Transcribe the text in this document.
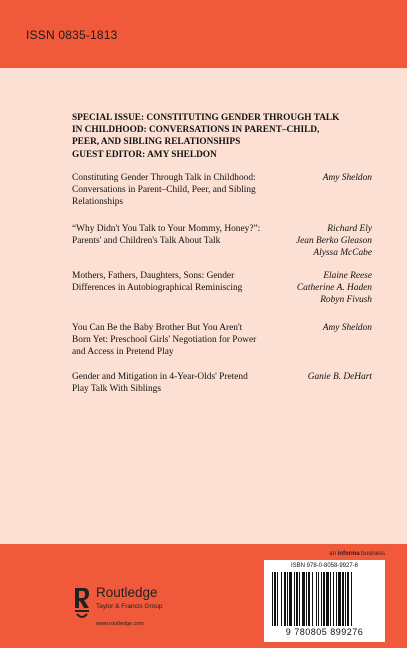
ISSN 0835-1813
SPECIAL ISSUE: CONSTITUTING GENDER THROUGH TALK
IN CHILDHOOD: CONVERSATIONS IN PARENT–CHILD,
PEER, AND SIBLING RELATIONSHIPS
GUEST EDITOR: AMY SHELDON
Constituting Gender Through Talk in Childhood:
Conversations in Parent–Child, Peer, and Sibling
Relationships
Amy Sheldon
“Why Didn't You Talk to Your Mommy, Honey?”:
Parents' and Children's Talk About Talk
Richard Ely
Jean Berko Gleason
Alyssa McCabe
Mothers, Fathers, Daughters, Sons: Gender
Differences in Autobiographical Reminiscing
Elaine Reese
Catherine A. Haden
Robyn Fivush
You Can Be the Baby Brother But You Aren't
Born Yet: Preschool Girls' Negotiation for Power
and Access in Pretend Play
Amy Sheldon
Gender and Mitigation in 4-Year-Olds' Pretend
Play Talk With Siblings
Ganie B. DeHart
an informa business
Routledge
Taylor & Francis Group
www.routledge.com
ISBN 978-0-8058-9927-6
9 780805 899276
